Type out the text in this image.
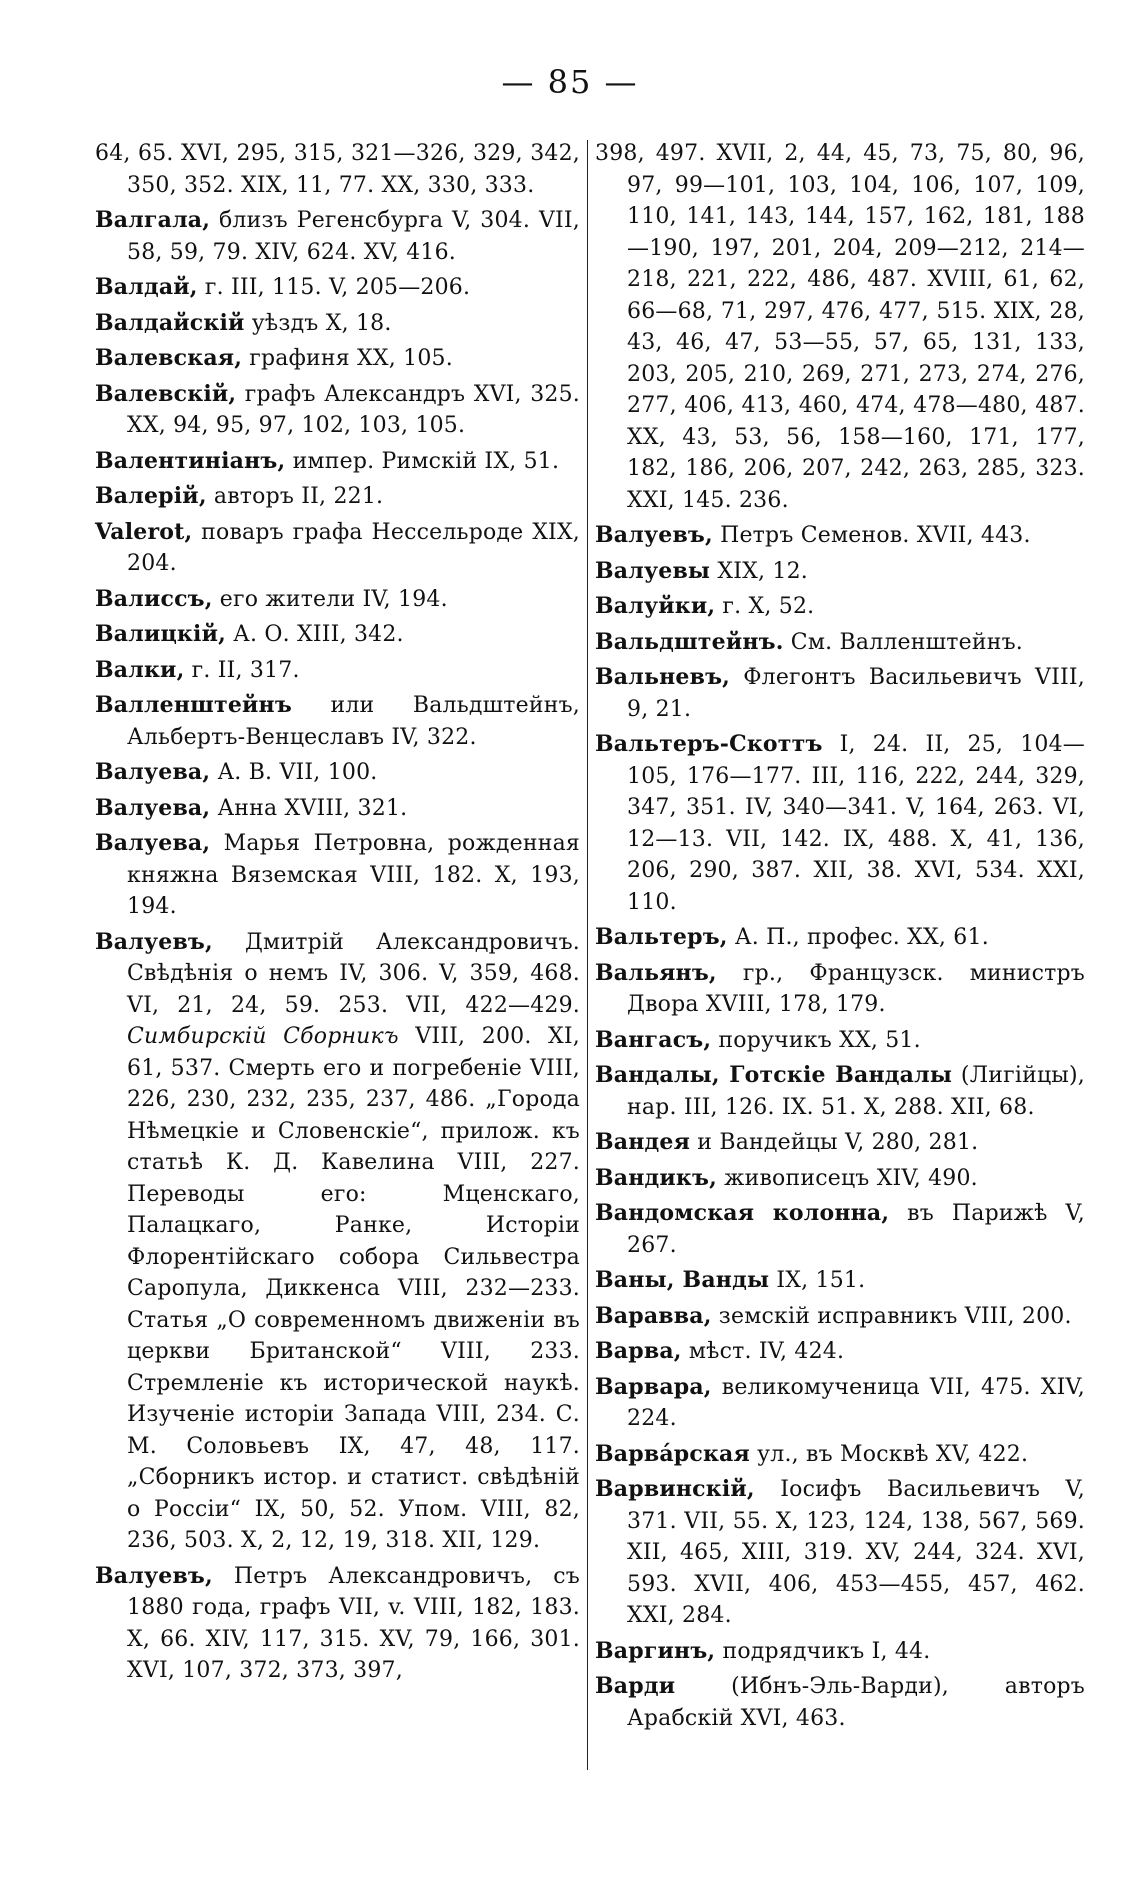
— 85 —
64, 65. XVI, 295, 315, 321—326, 329, 342, 350, 352. XIX, 11, 77. XX, 330, 333.
Валгала, близъ Регенсбурга V, 304. VII, 58, 59, 79. XIV, 624. XV, 416.
Валдай, г. III, 115. V, 205—206.
Валдайскій уѣздъ X, 18.
Валевская, графиня XX, 105.
Валевскій, графъ Александръ XVI, 325. XX, 94, 95, 97, 102, 103, 105.
Валентиніанъ, импер. Римскій IX, 51.
Валерій, авторъ II, 221.
Valerot, поваръ графа Нессельроде XIX, 204.
Валиссъ, его жители IV, 194.
Валицкій, А. О. XIII, 342.
Валки, г. II, 317.
Валленштейнъ или Вальдштейнъ, Альбертъ-Венцеславъ IV, 322.
Валуева, А. В. VII, 100.
Валуева, Анна XVIII, 321.
Валуева, Марья Петровна, рожденная княжна Вяземская VIII, 182. X, 193, 194.
Валуевъ, Дмитрій Александровичъ. Свѣдѣнія о немъ IV, 306. V, 359, 468. VI, 21, 24, 59. 253. VII, 422—429. Симбирскій Сборникъ VIII, 200. XI, 61, 537. Смерть его и погребеніе VIII, 226, 230, 232, 235, 237, 486. „Города Нѣмецкіе и Словенскіе“, прилож. къ статьѣ К. Д. Кавелина VIII, 227. Переводы его: Мценскаго, Палацкаго, Ранке, Исторіи Флорентійскаго собора Сильвестра Саропула, Диккенса VIII, 232—233. Статья „О современномъ движеніи въ церкви Британской“ VIII, 233. Стремленіе къ исторической наукѣ. Изученіе исторіи Запада VIII, 234. С. М. Соловьевъ IX, 47, 48, 117. „Сборникъ истор. и статист. свѣдѣній о Россіи“ IX, 50, 52. Упом. VIII, 82, 236, 503. X, 2, 12, 19, 318. XII, 129.
Валуевъ, Петръ Александровичъ, съ 1880 года, графъ VII, v. VIII, 182, 183. X, 66. XIV, 117, 315. XV, 79, 166, 301. XVI, 107, 372, 373, 397,
398, 497. XVII, 2, 44, 45, 73, 75, 80, 96, 97, 99—101, 103, 104, 106, 107, 109, 110, 141, 143, 144, 157, 162, 181, 188—190, 197, 201, 204, 209—212, 214—218, 221, 222, 486, 487. XVIII, 61, 62, 66—68, 71, 297, 476, 477, 515. XIX, 28, 43, 46, 47, 53—55, 57, 65, 131, 133, 203, 205, 210, 269, 271, 273, 274, 276, 277, 406, 413, 460, 474, 478—480, 487. XX, 43, 53, 56, 158—160, 171, 177, 182, 186, 206, 207, 242, 263, 285, 323. XXI, 145. 236.
Валуевъ, Петръ Семенов. XVII, 443.
Валуевы XIX, 12.
Валуйки, г. X, 52.
Вальдштейнъ. См. Валленштейнъ.
Вальневъ, Флегонтъ Васильевичъ VIII, 9, 21.
Вальтеръ-Скоттъ I, 24. II, 25, 104—105, 176—177. III, 116, 222, 244, 329, 347, 351. IV, 340—341. V, 164, 263. VI, 12—13. VII, 142. IX, 488. X, 41, 136, 206, 290, 387. XII, 38. XVI, 534. XXI, 110.
Вальтеръ, А. П., профес. XX, 61.
Вальянъ, гр., Французск. министръ Двора XVIII, 178, 179.
Вангасъ, поручикъ XX, 51.
Вандалы, Готскіе Вандалы (Лигійцы), нар. III, 126. IX. 51. X, 288. XII, 68.
Вандея и Вандейцы V, 280, 281.
Вандикъ, живописецъ XIV, 490.
Вандомская колонна, въ Парижѣ V, 267.
Ваны, Ванды IX, 151.
Варавва, земскій исправникъ VIII, 200.
Варва, мѣст. IV, 424.
Варвара, великомученица VII, 475. XIV, 224.
Варва́рская ул., въ Москвѣ XV, 422.
Варвинскій, Іосифъ Васильевичъ V, 371. VII, 55. X, 123, 124, 138, 567, 569. XII, 465, XIII, 319. XV, 244, 324. XVI, 593. XVII, 406, 453—455, 457, 462. XXI, 284.
Варгинъ, подрядчикъ I, 44.
Варди (Ибнъ-Эль-Варди), авторъ Арабскій XVI, 463.
